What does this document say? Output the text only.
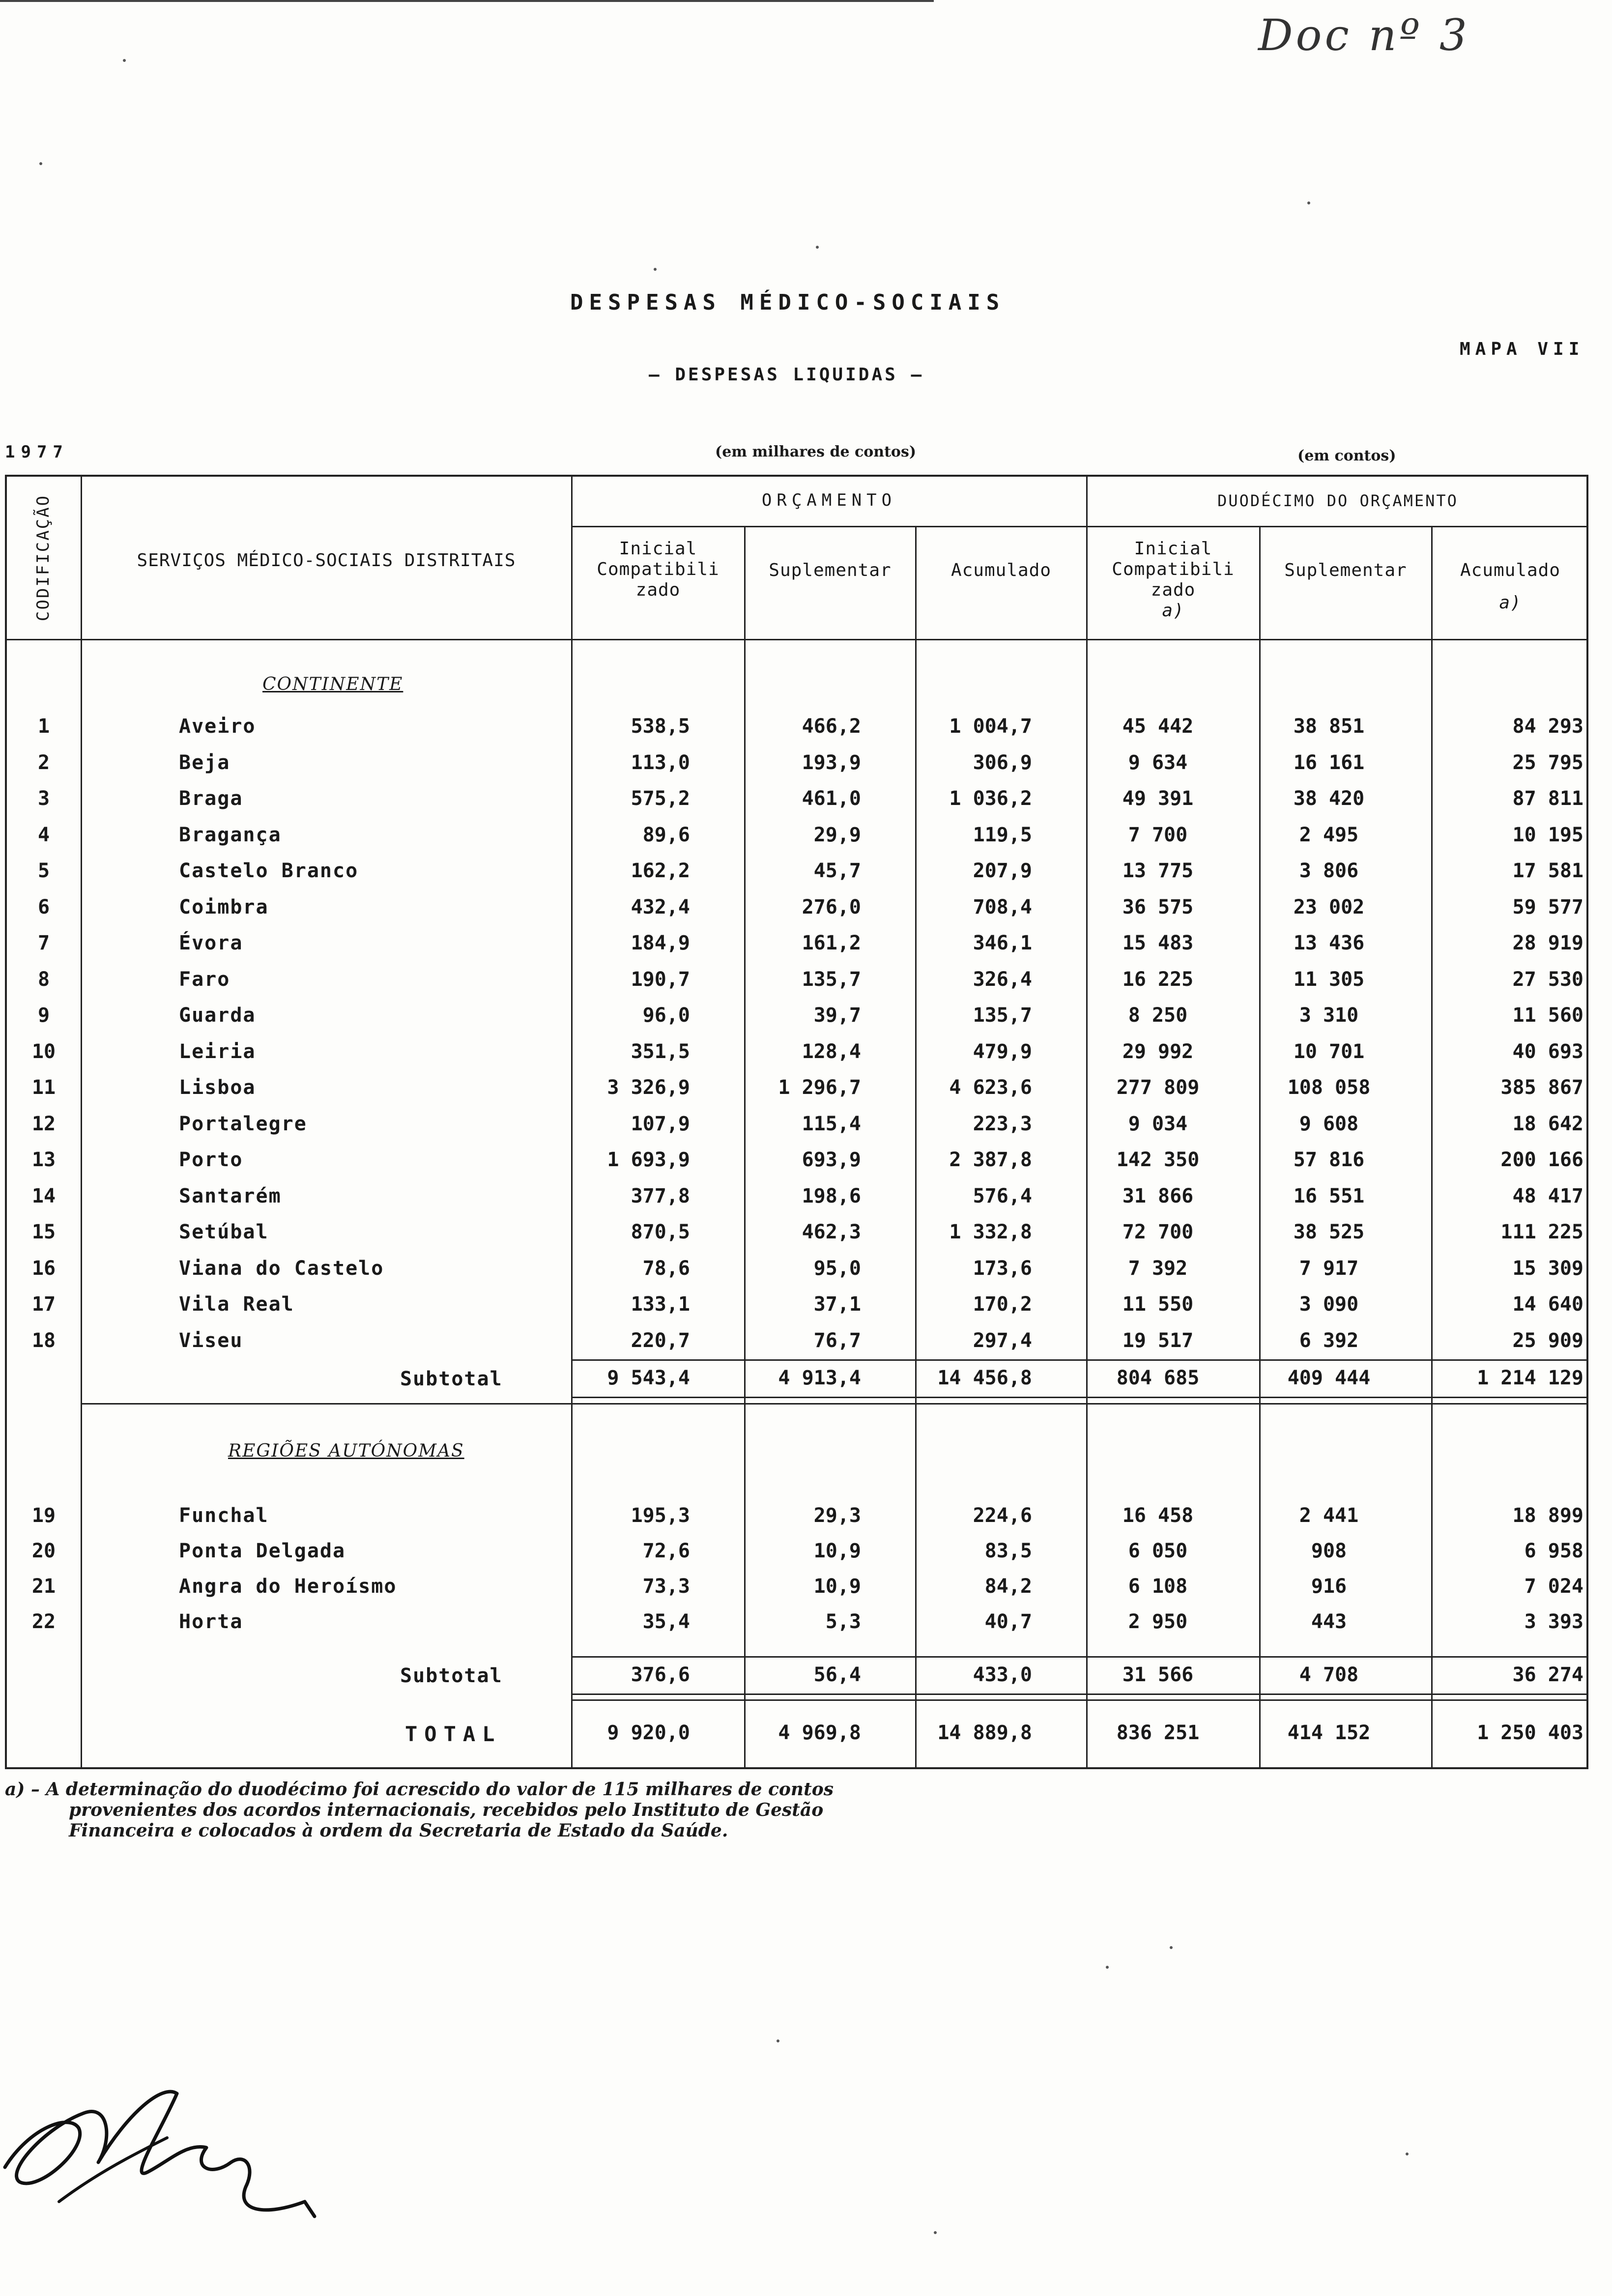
Doc nº 3
DESPESAS MÉDICO-SOCIAIS
MAPA VII
– DESPESAS LIQUIDAS –
1977	(em milhares de contos)	(em contos)
CODIFICAÇÃO	SERVIÇOS MÉDICO-SOCIAIS DISTRITAIS
ORÇAMENTO	DUODÉCIMO DO ORÇAMENTO
Inicial
Compatibili
zado
Suplementar	Acumulado
Inicial
Compatibili
zado
a)
Suplementar	Acumulado
a)
CONTINENTE
1	Aveiro	538,5	466,2	1 004,7	45 442	38 851	84 293
2	Beja	113,0	193,9	306,9	9 634	16 161	25 795
3	Braga	575,2	461,0	1 036,2	49 391	38 420	87 811
4	Bragança	89,6	29,9	119,5	7 700	2 495	10 195
5	Castelo Branco	162,2	45,7	207,9	13 775	3 806	17 581
6	Coimbra	432,4	276,0	708,4	36 575	23 002	59 577
7	Évora	184,9	161,2	346,1	15 483	13 436	28 919
8	Faro	190,7	135,7	326,4	16 225	11 305	27 530
9	Guarda	96,0	39,7	135,7	8 250	3 310	11 560
10	Leiria	351,5	128,4	479,9	29 992	10 701	40 693
11	Lisboa	3 326,9	1 296,7	4 623,6	277 809	108 058	385 867
12	Portalegre	107,9	115,4	223,3	9 034	9 608	18 642
13	Porto	1 693,9	693,9	2 387,8	142 350	57 816	200 166
14	Santarém	377,8	198,6	576,4	31 866	16 551	48 417
15	Setúbal	870,5	462,3	1 332,8	72 700	38 525	111 225
16	Viana do Castelo	78,6	95,0	173,6	7 392	7 917	15 309
17	Vila Real	133,1	37,1	170,2	11 550	3 090	14 640
18	Viseu	220,7	76,7	297,4	19 517	6 392	25 909
Subtotal	9 543,4	4 913,4	14 456,8	804 685	409 444	1 214 129
REGIÕES AUTÓNOMAS
19	Funchal	195,3	29,3	224,6	16 458	2 441	18 899
20	Ponta Delgada	72,6	10,9	83,5	6 050	908	6 958
21	Angra do Heroísmo	73,3	10,9	84,2	6 108	916	7 024
22	Horta	35,4	5,3	40,7	2 950	443	3 393
Subtotal	376,6	56,4	433,0	31 566	4 708	36 274
TOTAL	9 920,0	4 969,8	14 889,8	836 251	414 152	1 250 403
a) – A determinação do duodécimo foi acrescido do valor de 115 milhares de contos
provenientes dos acordos internacionais, recebidos pelo Instituto de Gestão
Financeira e colocados à ordem da Secretaria de Estado da Saúde.
